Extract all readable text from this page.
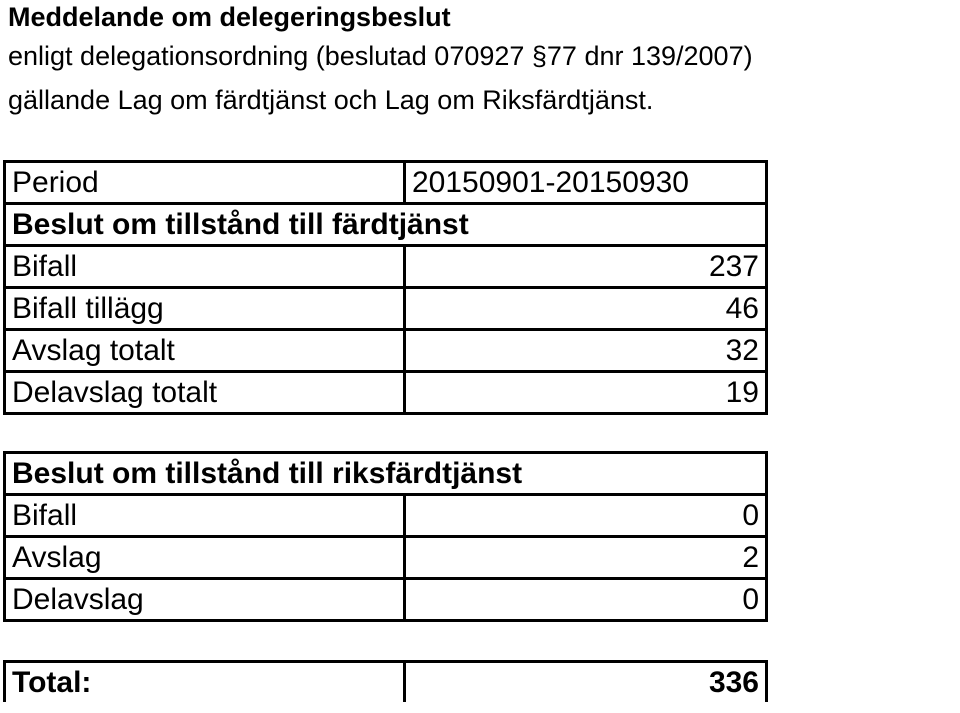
Meddelande om delegeringsbeslut

enligt delegationsordning (beslutad 070927 §77 dnr 139/2007)

gällande Lag om färdtjänst och Lag om Riksfärdtjänst.

Period	20150901-20150930
Beslut om tillstånd till färdtjänst	
Bifall	237
Bifall tillägg	46
Avslag totalt	32
Delavslag totalt	19
Beslut om tillstånd till riksfärdtjänst	
Bifall	0
Avslag	2
Delavslag	0
Total:	336
